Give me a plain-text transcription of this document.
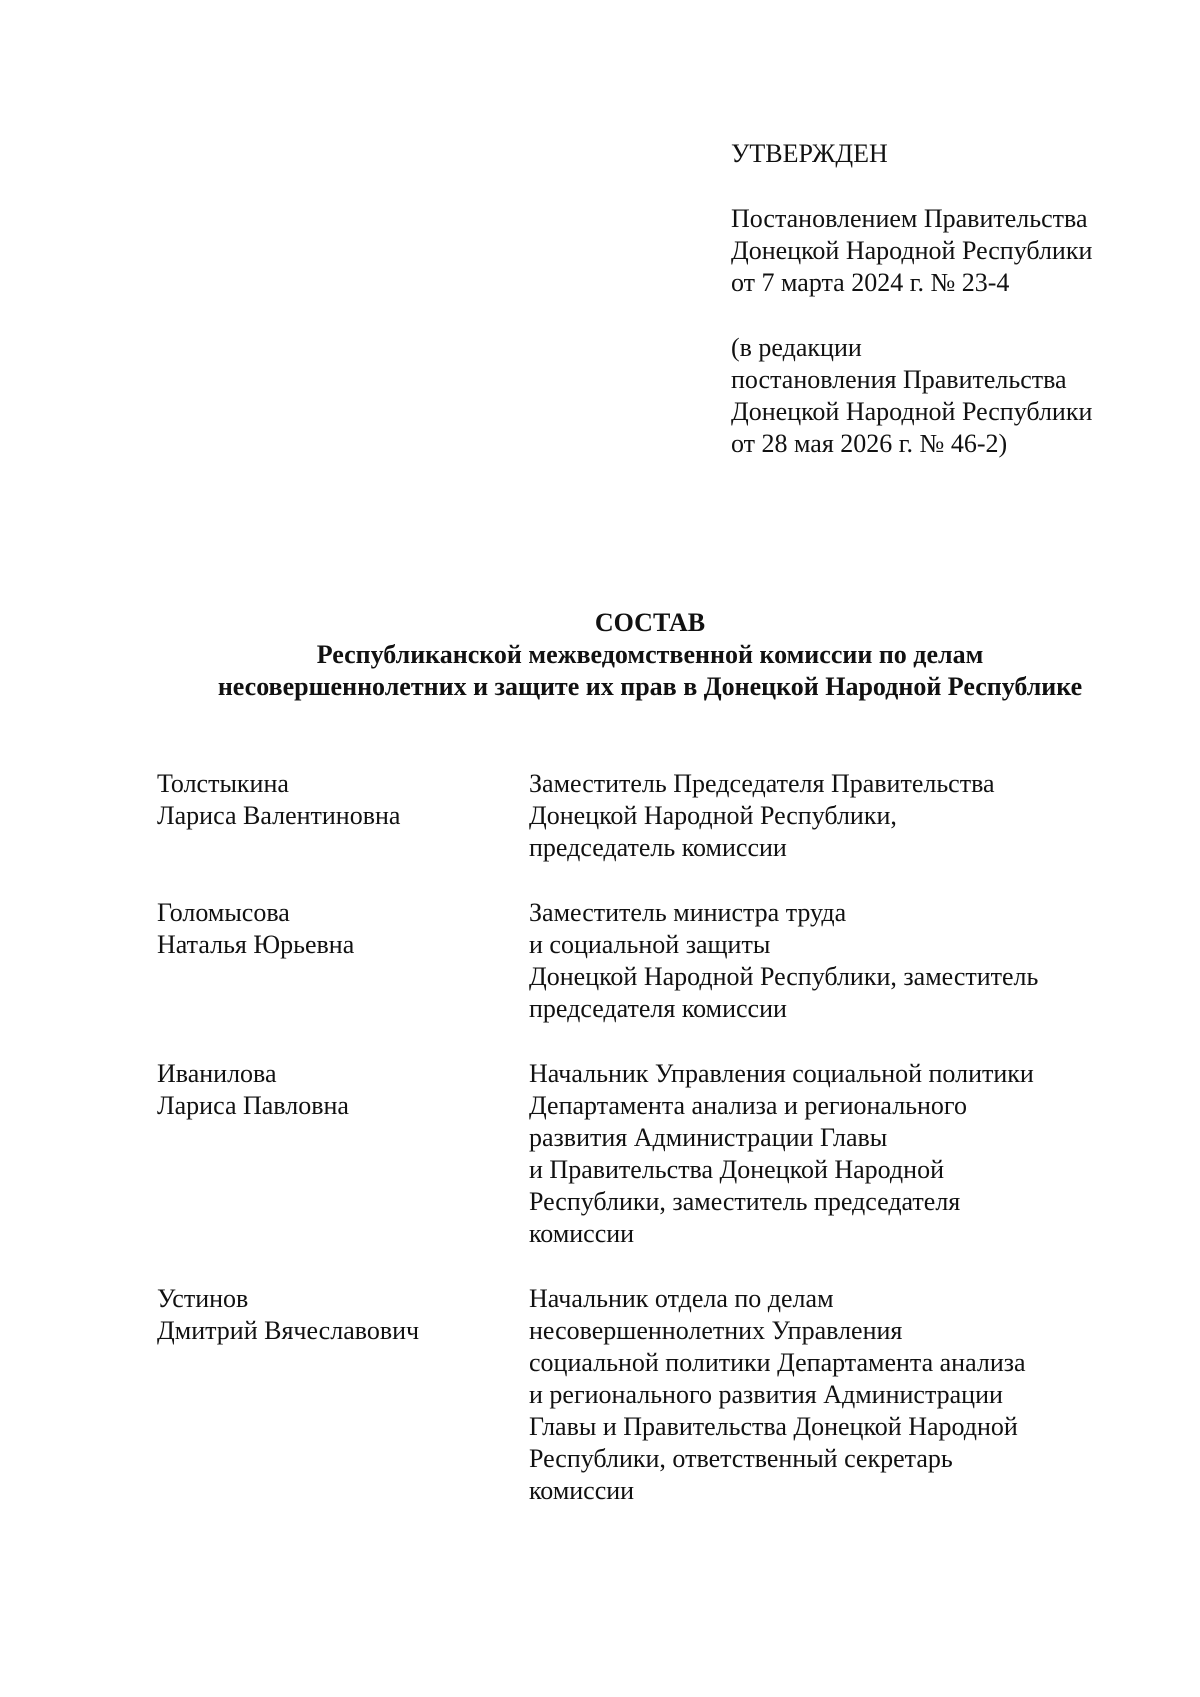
УТВЕРЖДЕН
Постановлением Правительства
Донецкой Народной Республики
от 7 марта 2024 г. № 23-4
(в редакции
постановления Правительства
Донецкой Народной Республики
от 28 мая 2026 г. № 46-2)
СОСТАВ
Республиканской межведомственной комиссии по делам
несовершеннолетних и защите их прав в Донецкой Народной Республике
Толстыкина
Лариса Валентиновна
Заместитель Председателя Правительства
Донецкой Народной Республики,
председатель комиссии
Голомысова
Наталья Юрьевна
Заместитель министра труда
и социальной защиты
Донецкой Народной Республики, заместитель
председателя комиссии
Иванилова
Лариса Павловна
Начальник Управления социальной политики
Департамента анализа и регионального
развития Администрации Главы
и Правительства Донецкой Народной
Республики, заместитель председателя
комиссии
Устинов
Дмитрий Вячеславович
Начальник отдела по делам
несовершеннолетних Управления
социальной политики Департамента анализа
и регионального развития Администрации
Главы и Правительства Донецкой Народной
Республики, ответственный секретарь
комиссии
